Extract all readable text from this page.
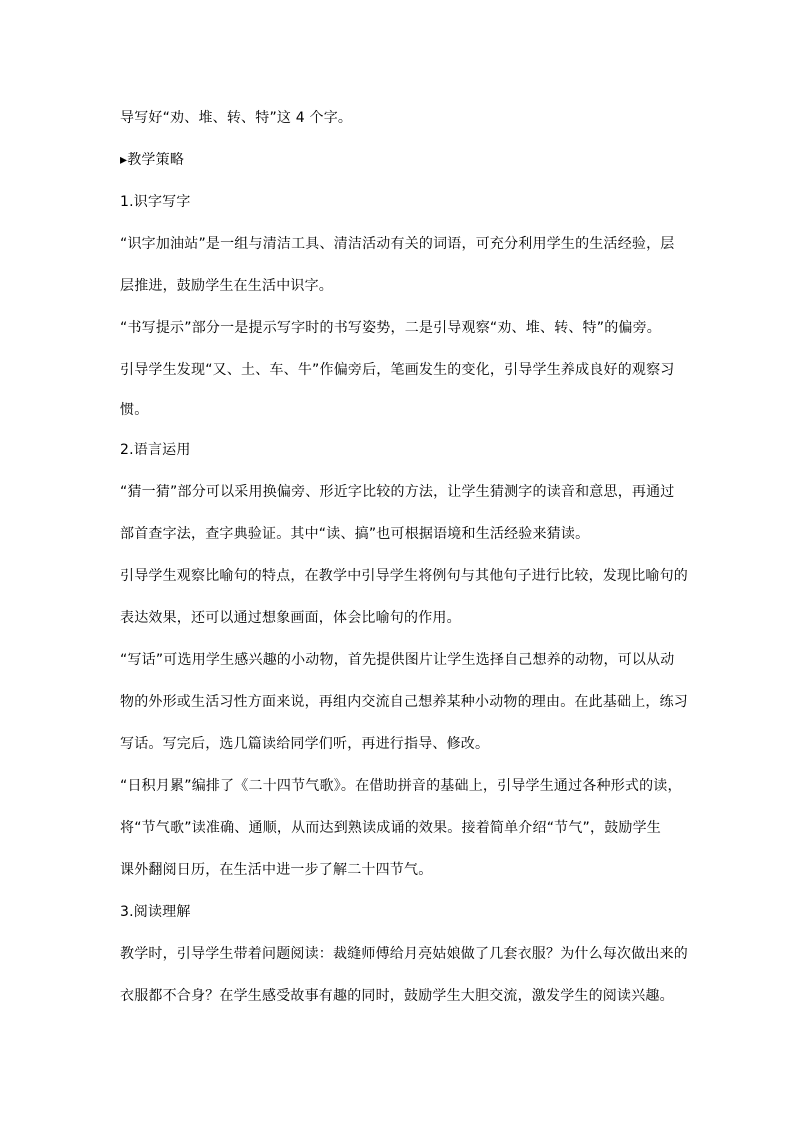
导写好“劝、堆、转、特”这 4 个字。

▸教学策略

1.识字写字

“识字加油站”是一组与清洁工具、清洁活动有关的词语，可充分利用学生的生活经验，层

层推进，鼓励学生在生活中识字。

“书写提示”部分一是提示写字时的书写姿势，二是引导观察“劝、堆、转、特”的偏旁。

引导学生发现“又、土、车、牛”作偏旁后，笔画发生的变化，引导学生养成良好的观察习

惯。

2.语言运用

“猜一猜”部分可以采用换偏旁、形近字比较的方法，让学生猜测字的读音和意思，再通过

部首查字法，查字典验证。其中“读、搞”也可根据语境和生活经验来猜读。

引导学生观察比喻句的特点，在教学中引导学生将例句与其他句子进行比较，发现比喻句的

表达效果，还可以通过想象画面，体会比喻句的作用。

“写话”可选用学生感兴趣的小动物，首先提供图片让学生选择自己想养的动物，可以从动

物的外形或生活习性方面来说，再组内交流自己想养某种小动物的理由。在此基础上，练习

写话。写完后，选几篇读给同学们听，再进行指导、修改。

“日积月累”编排了《二十四节气歌》。在借助拼音的基础上，引导学生通过各种形式的读，

将“节气歌”读准确、通顺，从而达到熟读成诵的效果。接着简单介绍“节气”，鼓励学生

课外翻阅日历，在生活中进一步了解二十四节气。

3.阅读理解

教学时，引导学生带着问题阅读：裁缝师傅给月亮姑娘做了几套衣服？为什么每次做出来的

衣服都不合身？在学生感受故事有趣的同时，鼓励学生大胆交流，激发学生的阅读兴趣。
